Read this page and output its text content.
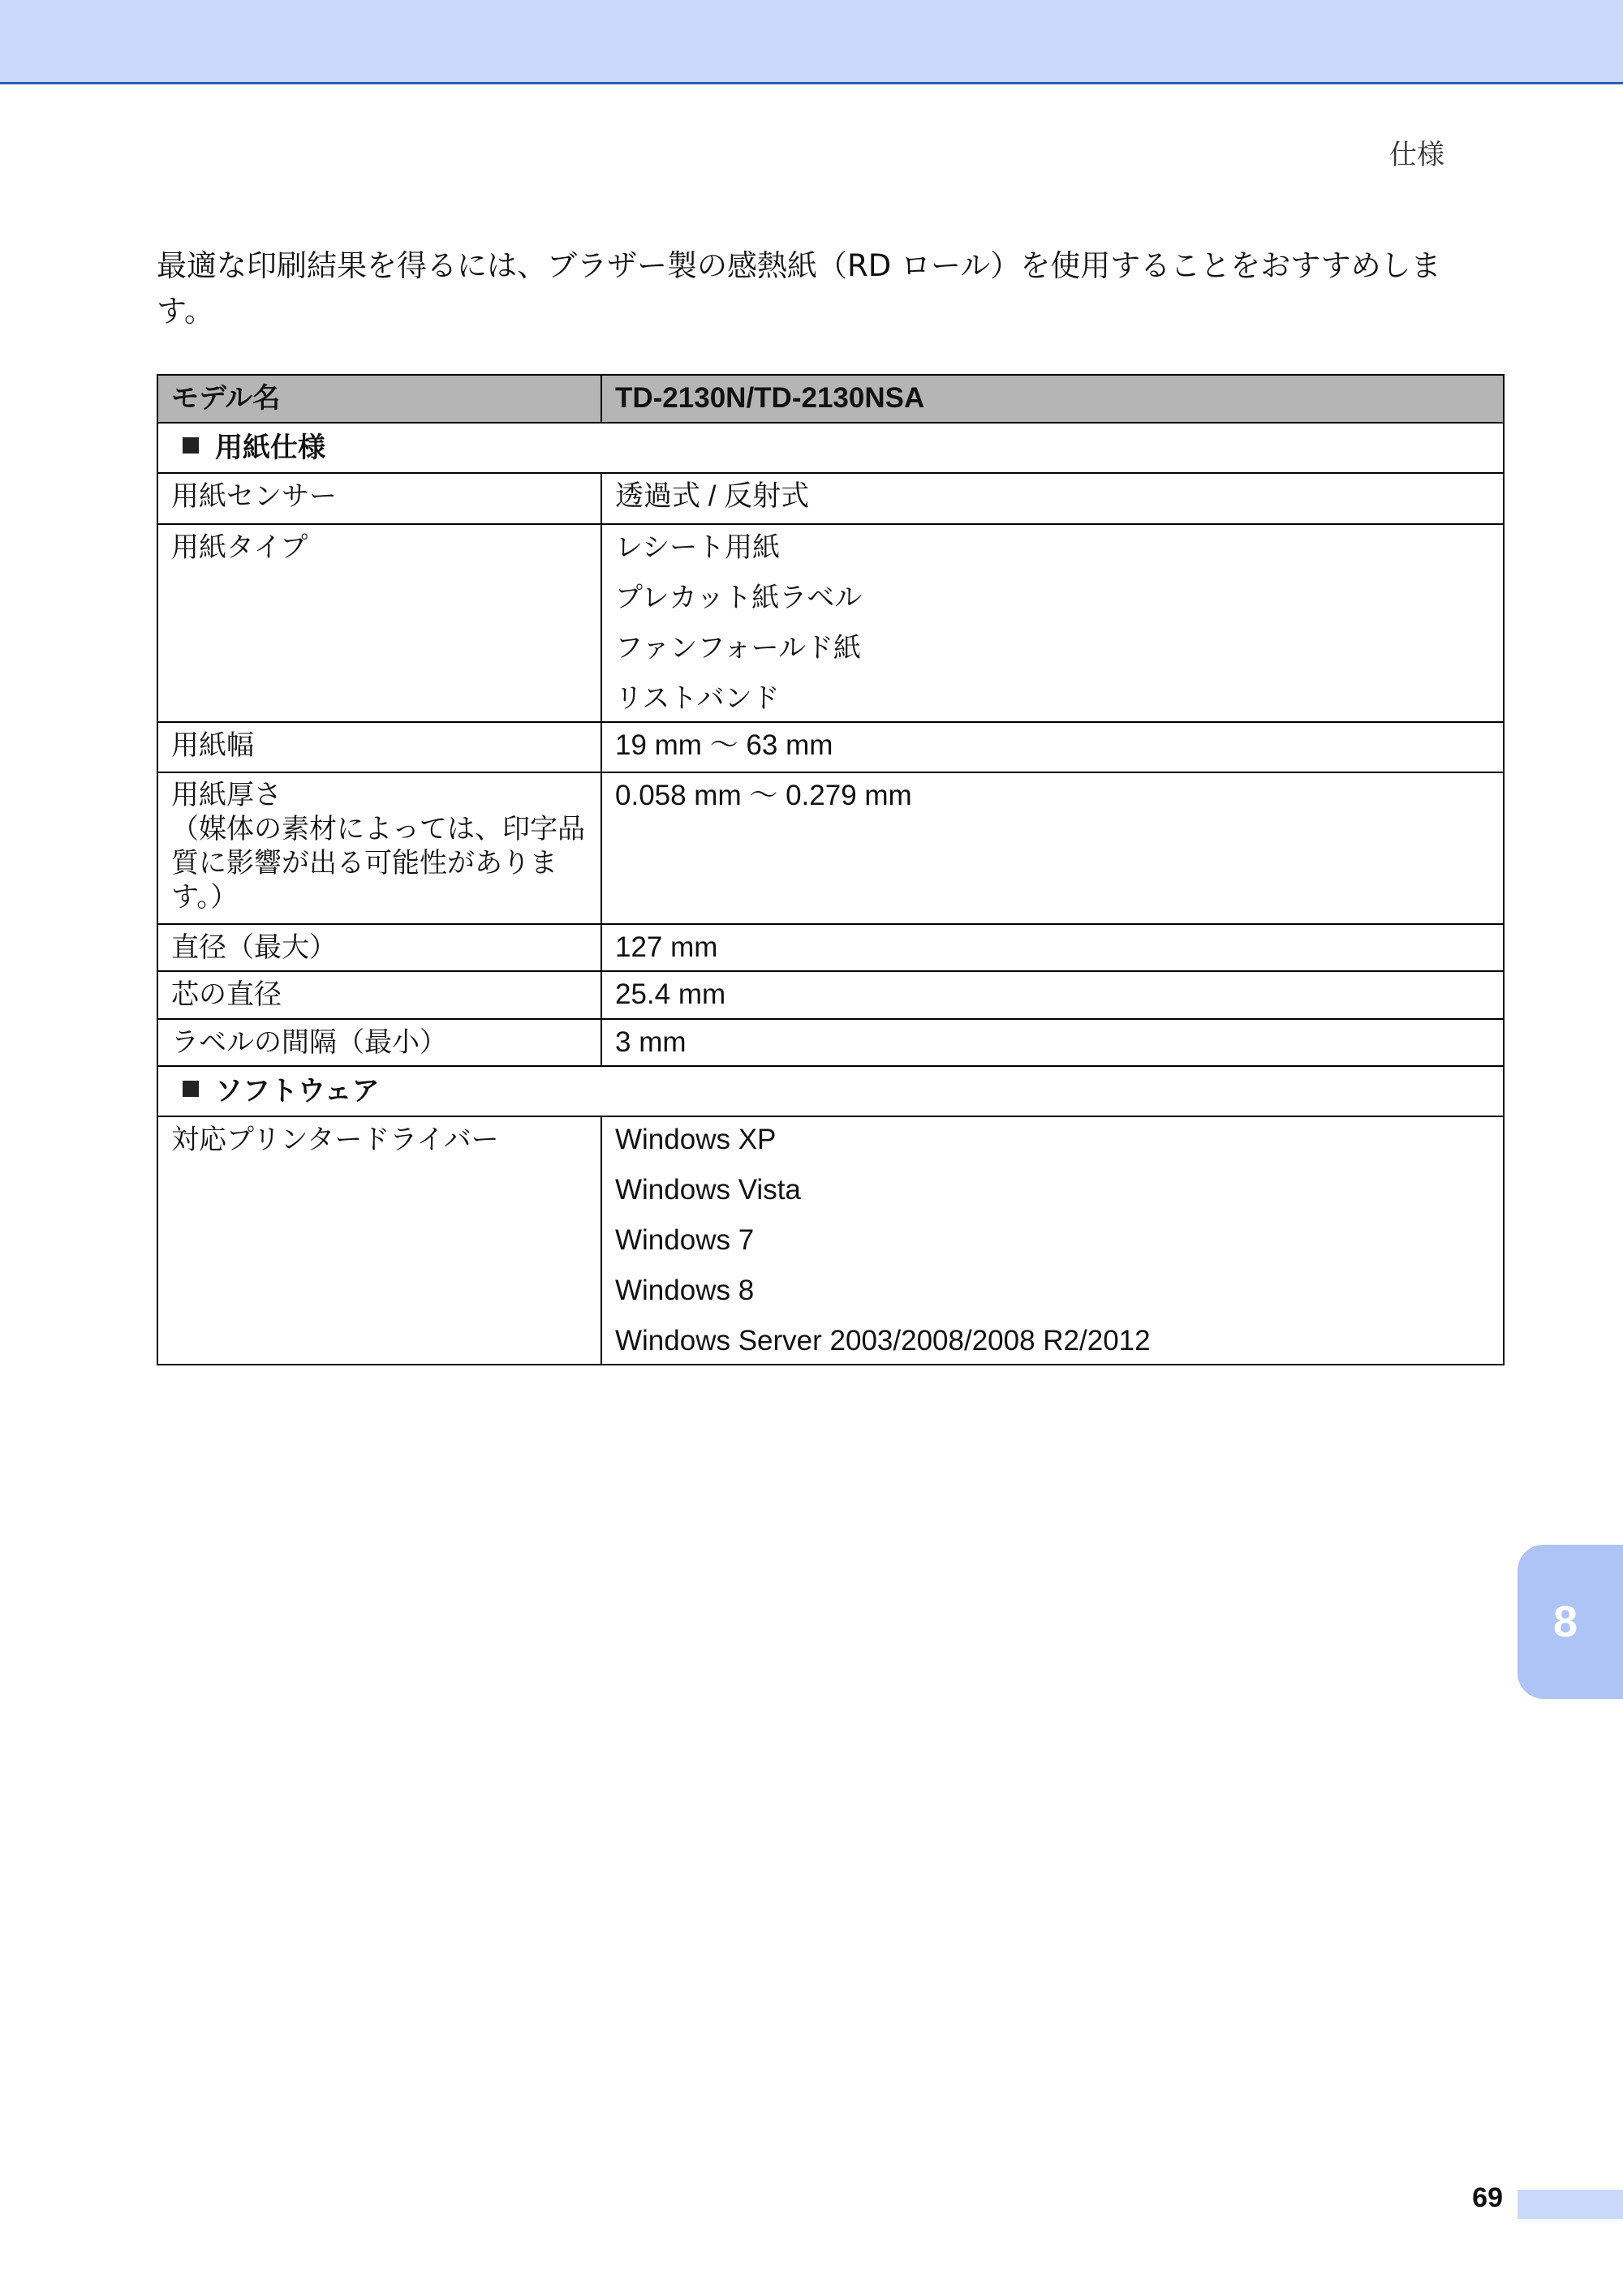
仕様

最適な印刷結果を得るには、ブラザー製の感熱紙（RD ロール）を使用することをおすすめします。

モデル名	TD-2130N/TD-2130NSA
用紙仕様	
用紙センサー	透過式 / 反射式
用紙タイプ	レシート用紙
プレカット紙ラベル
ファンフォールド紙
リストバンド

用紙幅	19 mm ～ 63 mm

用紙厚さ
（媒体の素材によっては、印字品質に影響が出る可能性があります。）	0.058 mm ～ 0.279 mm
直径（最大）	127 mm
芯の直径	25.4 mm
ラベルの間隔（最小）	3 mm
ソフトウェア	
対応プリンタードライバー	Windows XP
Windows Vista
Windows 7
Windows 8
Windows Server 2003/2008/2008 R2/2012
8
69
